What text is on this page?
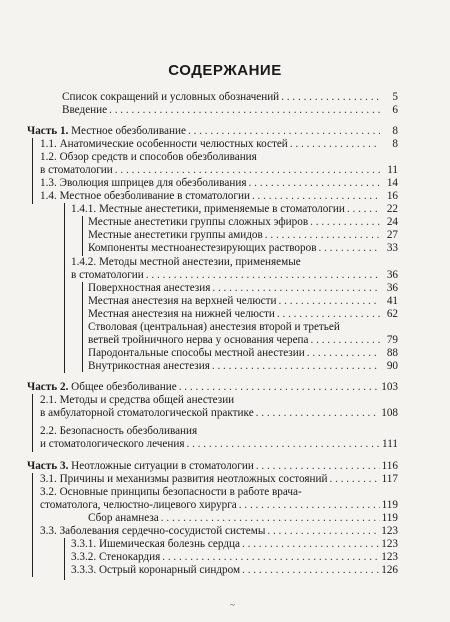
СОДЕРЖАНИЕ
Список сокращений и условных обозначений . . .	5
Введение . . .	6
Часть 1. Местное обезболивание . . .	8
1.1. Анатомические особенности челюстных костей . . .	8
1.2. Обзор средств и способов обезболивания
в стоматологии . . .	11
1.3. Эволюция шприцев для обезболивания . . .	14
1.4. Местное обезболивание в стоматологии . . .	16
1.4.1. Местные анестетики, применяемые в стоматологии . . .	22
Местные анестетики группы сложных эфиров . . .	24
Местные анестетики группы амидов . . .	27
Компоненты местноанестезирующих растворов . . .	33
1.4.2. Методы местной анестезии, применяемые
в стоматологии . . .	36
Поверхностная анестезия . . .	36
Местная анестезия на верхней челюсти . . .	41
Местная анестезия на нижней челюсти . . .	62
Стволовая (центральная) анестезия второй и третьей
ветвей тройничного нерва у основания черепа . . .	79
Пародонтальные способы местной анестезии . . .	88
Внутрикостная анестезия . . .	90
Часть 2. Общее обезболивание . . .	103
2.1. Методы и средства общей анестезии
в амбулаторной стоматологической практике . . .	108
2.2. Безопасность обезболивания
и стоматологического лечения . . .	111
Часть 3. Неотложные ситуации в стоматологии . . .	116
3.1. Причины и механизмы развития неотложных состояний . . .	117
3.2. Основные принципы безопасности в работе врача-
стоматолога, челюстно-лицевого хирурга . . .	119
Сбор анамнеза . . .	119
3.3. Заболевания сердечно-сосудистой системы . . .	123
3.3.1. Ишемическая болезнь сердца . . .	123
3.3.2. Стенокардия . . .	123
3.3.3. Острый коронарный синдром . . .	126
~
